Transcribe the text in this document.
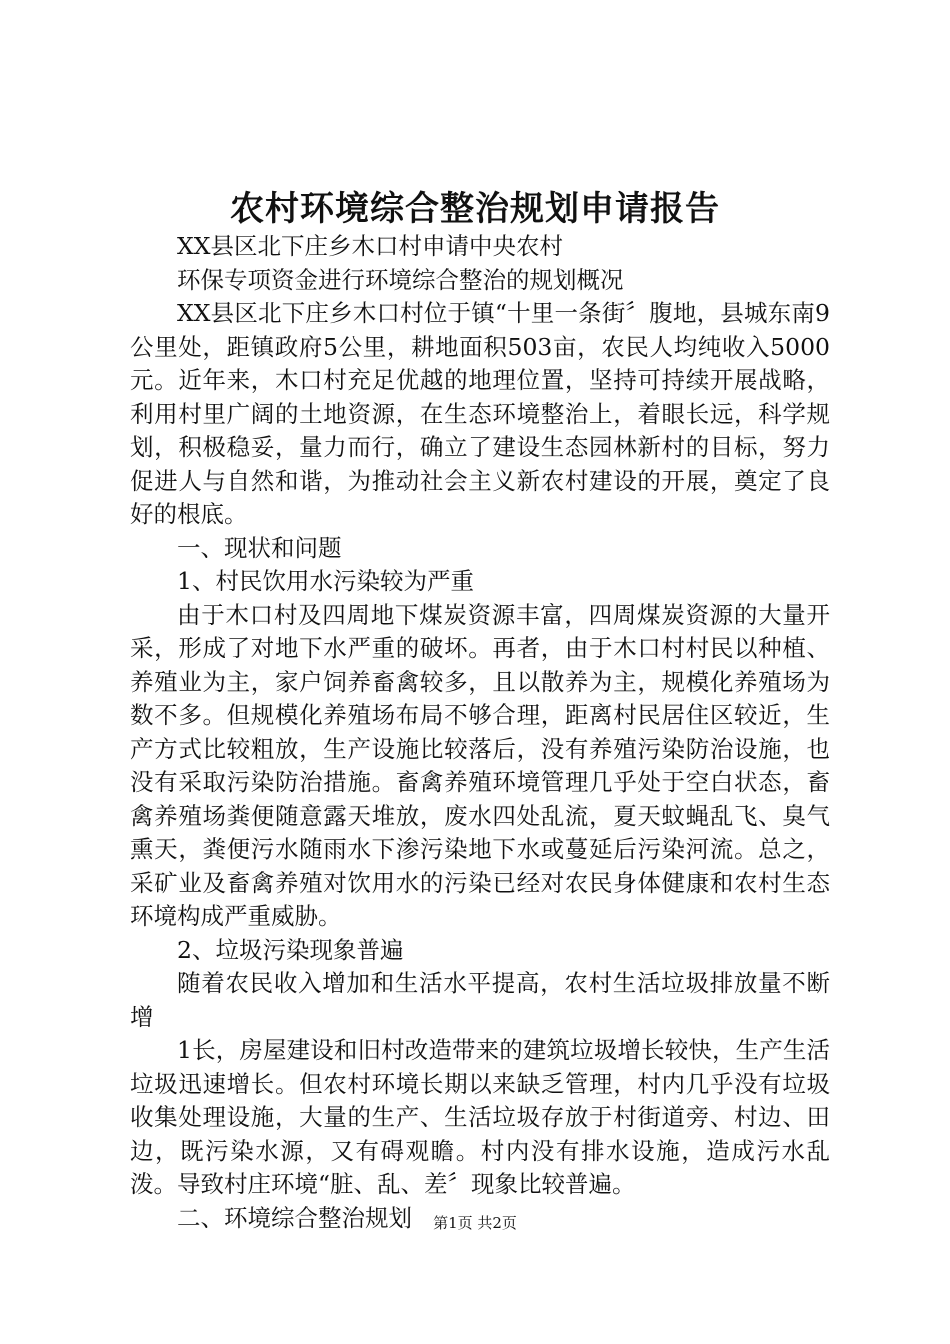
农村环境综合整治规划申请报告

XX县区北下庄乡木口村申请中央农村

环保专项资金进行环境综合整治的规划概况

XX县区北下庄乡木口村位于镇“十里一条街〞腹地，县城东南9公里处，距镇政府5公里，耕地面积503亩，农民人均纯收入5000元。近年来，木口村充足优越的地理位置，坚持可持续开展战略，利用村里广阔的土地资源，在生态环境整治上，着眼长远，科学规划，积极稳妥，量力而行，确立了建设生态园林新村的目标，努力促进人与自然和谐，为推动社会主义新农村建设的开展，奠定了良好的根底。

一、现状和问题

1、村民饮用水污染较为严重

由于木口村及四周地下煤炭资源丰富，四周煤炭资源的大量开采，形成了对地下水严重的破坏。再者，由于木口村村民以种植、养殖业为主，家户饲养畜禽较多，且以散养为主，规模化养殖场为数不多。但规模化养殖场布局不够合理，距离村民居住区较近，生产方式比较粗放，生产设施比较落后，没有养殖污染防治设施，也没有采取污染防治措施。畜禽养殖环境管理几乎处于空白状态，畜禽养殖场粪便随意露天堆放，废水四处乱流，夏天蚊蝇乱飞、臭气熏天，粪便污水随雨水下渗污染地下水或蔓延后污染河流。总之，采矿业及畜禽养殖对饮用水的污染已经对农民身体健康和农村生态环境构成严重威胁。

2、垃圾污染现象普遍

随着农民收入增加和生活水平提高，农村生活垃圾排放量不断增

1长，房屋建设和旧村改造带来的建筑垃圾增长较快，生产生活垃圾迅速增长。但农村环境长期以来缺乏管理，村内几乎没有垃圾收集处理设施，大量的生产、生活垃圾存放于村街道旁、村边、田边，既污染水源，又有碍观瞻。村内没有排水设施，造成污水乱泼。导致村庄环境“脏、乱、差〞现象比较普遍。

二、环境综合整治规划	第1页 共2页
